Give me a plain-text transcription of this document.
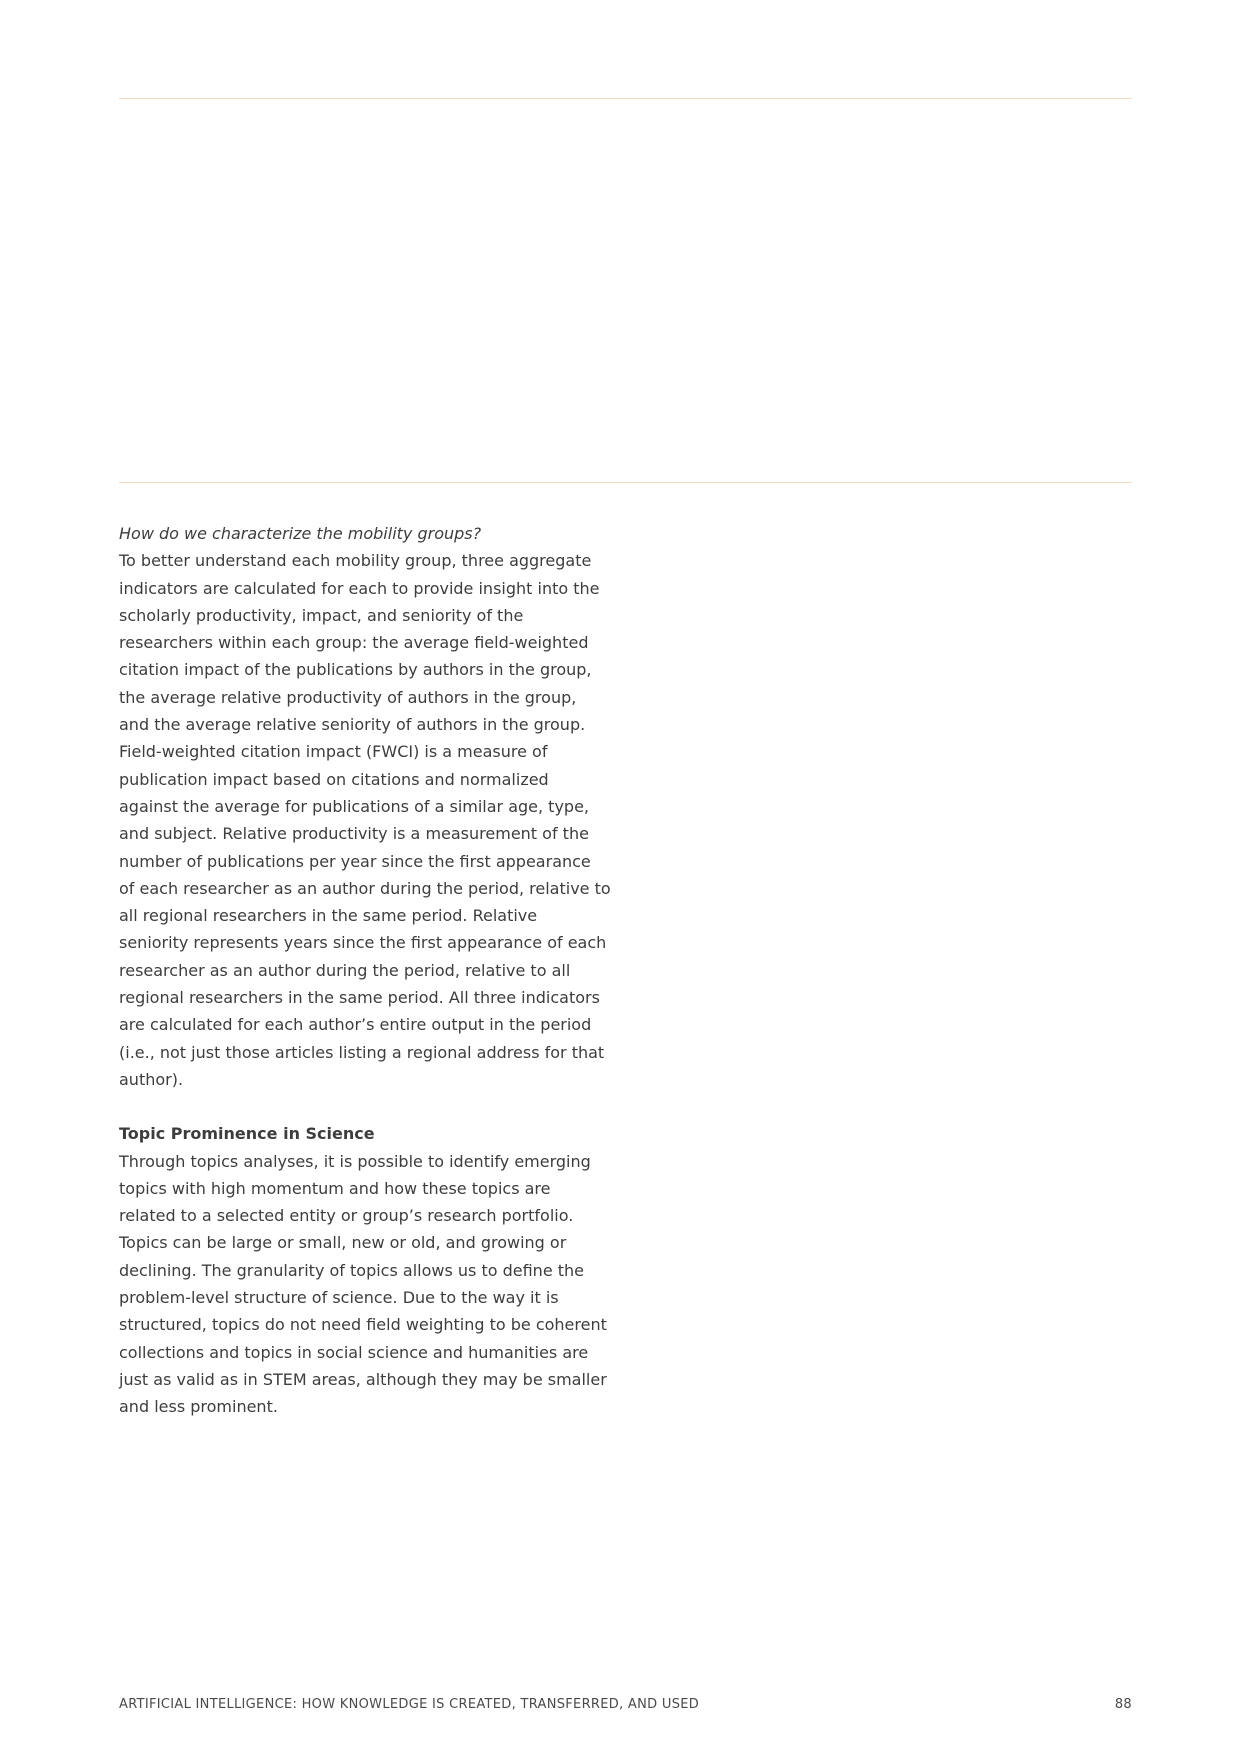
How do we characterize the mobility groups?

To better understand each mobility group, three aggregate indicators are calculated for each to provide insight into the scholarly productivity, impact, and seniority of the researchers within each group: the average field-weighted citation impact of the publications by authors in the group, the average relative productivity of authors in the group, and the average relative seniority of authors in the group. Field-weighted citation impact (FWCI) is a measure of publication impact based on citations and normalized against the average for publications of a similar age, type, and subject. Relative productivity is a measurement of the number of publications per year since the first appearance of each researcher as an author during the period, relative to all regional researchers in the same period. Relative seniority represents years since the first appearance of each researcher as an author during the period, relative to all regional researchers in the same period. All three indicators are calculated for each author’s entire output in the period (i.e., not just those articles listing a regional address for that author).

Topic Prominence in Science

Through topics analyses, it is possible to identify emerging topics with high momentum and how these topics are related to a selected entity or group’s research portfolio. Topics can be large or small, new or old, and growing or declining. The granularity of topics allows us to define the problem-level structure of science. Due to the way it is structured, topics do not need field weighting to be coherent collections and topics in social science and humanities are just as valid as in STEM areas, although they may be smaller and less prominent.

ARTIFICIAL INTELLIGENCE: HOW KNOWLEDGE IS CREATED, TRANSFERRED, AND USED	88
